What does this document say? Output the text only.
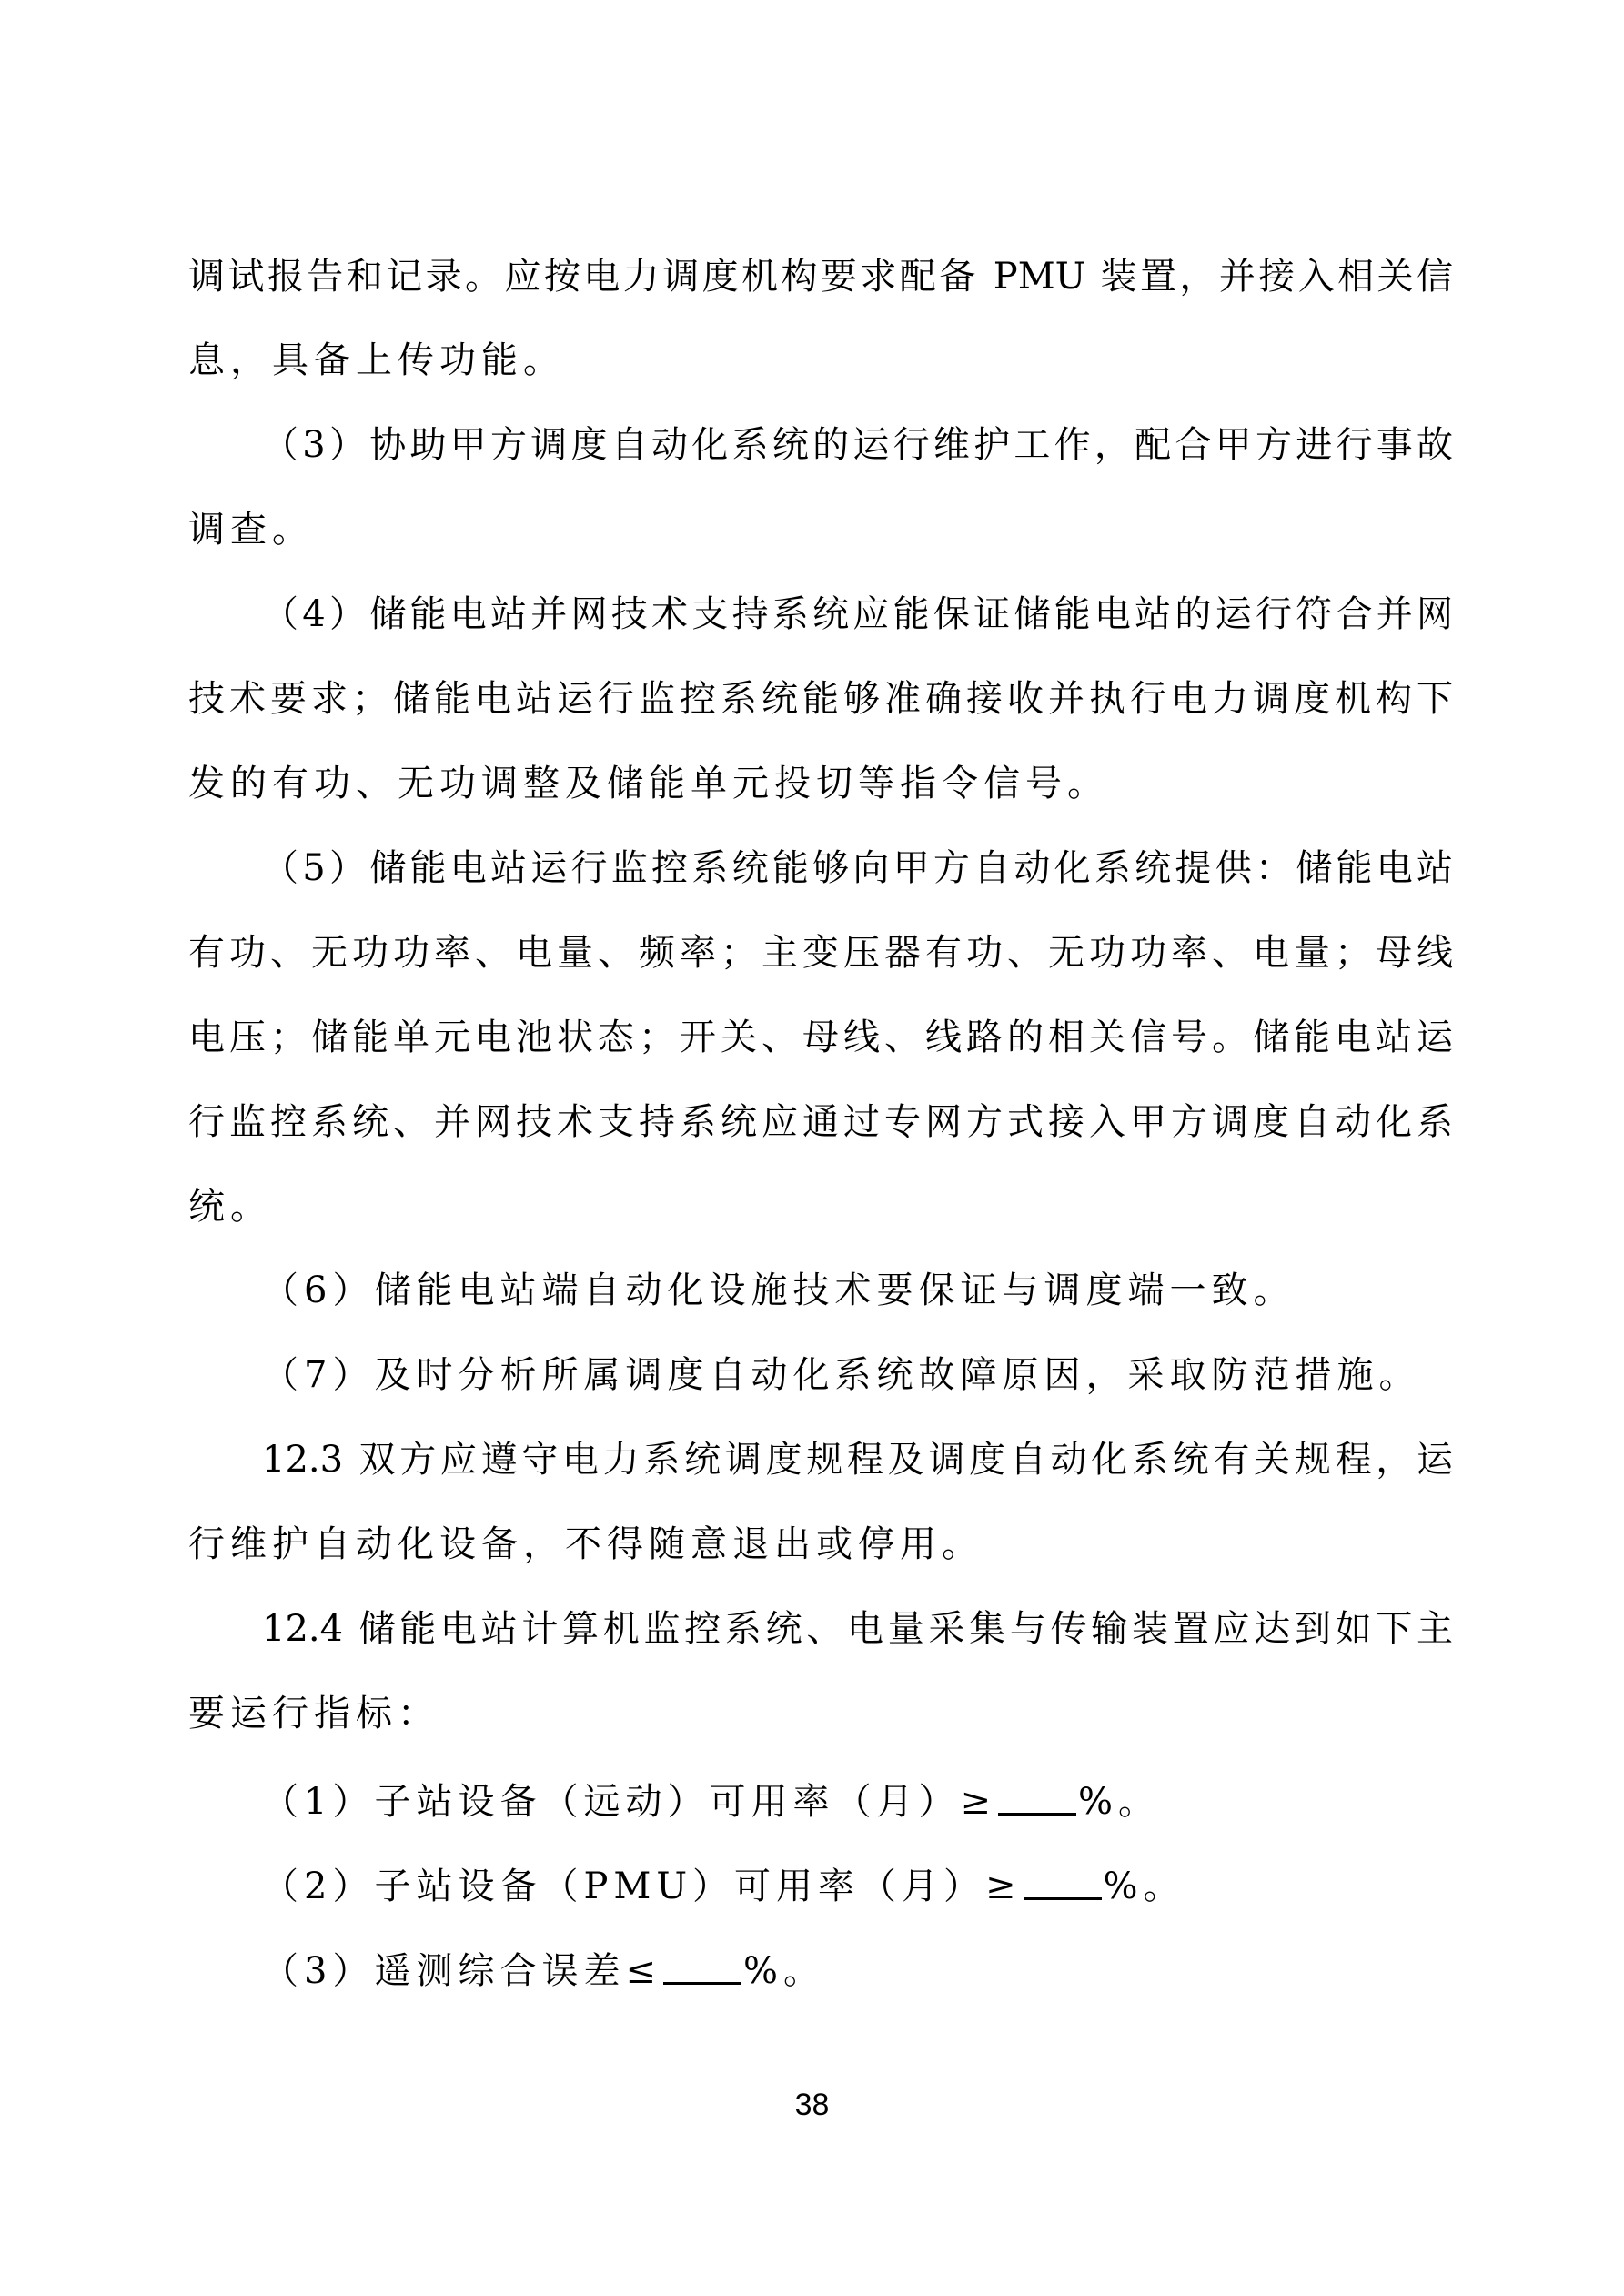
调试报告和记录。应按电力调度机构要求配备 PMU 装置，并接入相关信
息，具备上传功能。
（3）协助甲方调度自动化系统的运行维护工作，配合甲方进行事故
调查。
（4）储能电站并网技术支持系统应能保证储能电站的运行符合并网
技术要求；储能电站运行监控系统能够准确接收并执行电力调度机构下
发的有功、无功调整及储能单元投切等指令信号。
（5）储能电站运行监控系统能够向甲方自动化系统提供：储能电站
有功、无功功率、电量、频率；主变压器有功、无功功率、电量；母线
电压；储能单元电池状态；开关、母线、线路的相关信号。储能电站运
行监控系统、并网技术支持系统应通过专网方式接入甲方调度自动化系
统。
（6）储能电站端自动化设施技术要保证与调度端一致。
（7）及时分析所属调度自动化系统故障原因，采取防范措施。
12.3 双方应遵守电力系统调度规程及调度自动化系统有关规程，运
行维护自动化设备，不得随意退出或停用。
12.4 储能电站计算机监控系统、电量采集与传输装置应达到如下主
要运行指标：
（1）子站设备（远动）可用率（月）≥ %。
（2）子站设备（PMU）可用率（月）≥ %。
（3）遥测综合误差≤ %。
38
